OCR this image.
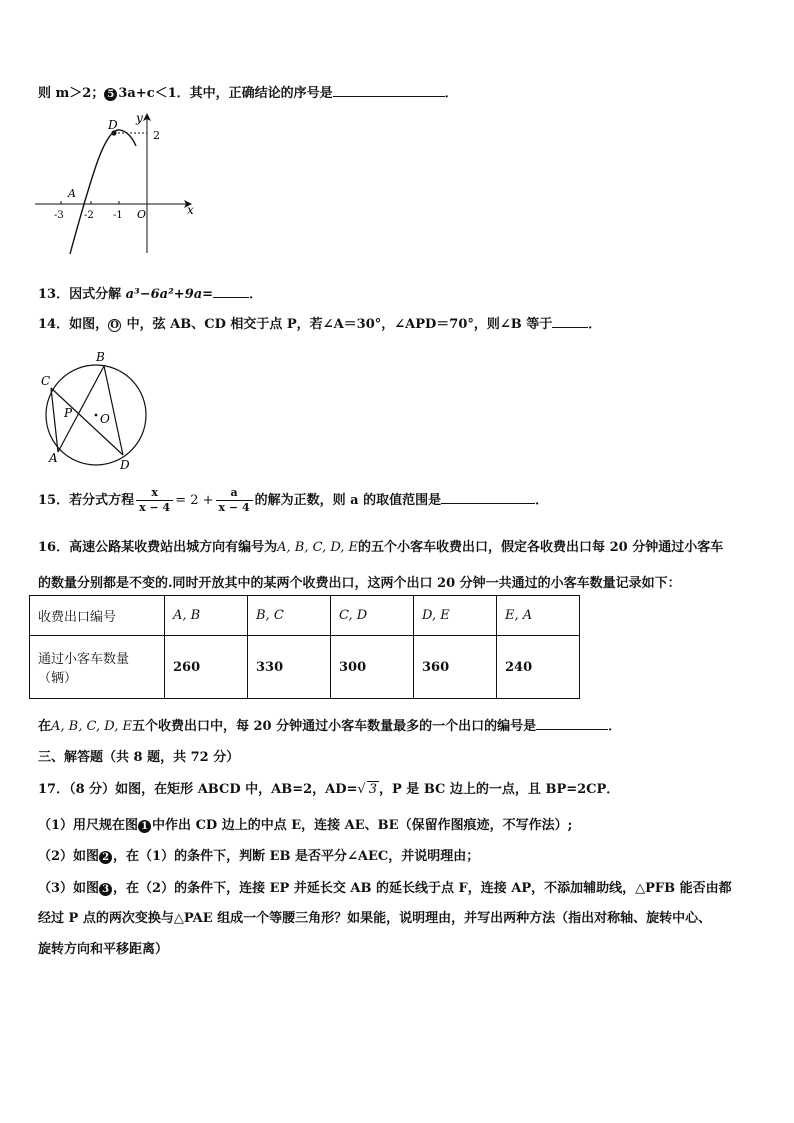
则 m＞2； 5 3a+c＜1．其中，正确结论的序号是	．
y
x
D
2
A
-3 -2 -1 O
13．因式分解 a³−6a²+9a=	．
14．如图， O 中，弦 AB、CD 相交于点 P，若∠A＝30°，∠APD＝70°，则∠B 等于	．
B
C
P O
A	D
15．若分式方程 $\frac{x}{x - 4} = 2 + \frac{a}{x - 4}$ 的解为正数，则 a 的取值范围是	．
16．高速公路某收费站出城方向有编号为A, B, C, D, E的五个小客车收费出口，假定各收费出口每 20 分钟通过小客车
的数量分别都是不变的.同时开放其中的某两个收费出口，这两个出口 20 分钟一共通过的小客车数量记录如下：
收费出口编号	A, B	B, C	C, D	D, E	E, A

通过小客车数量
（辆）	260	330	300	360	240
在A, B, C, D, E五个收费出口中，每 20 分钟通过小客车数量最多的一个出口的编号是	．
三、解答题（共 8 题，共 72 分）
17．（8 分）如图，在矩形 ABCD 中，AB=2，AD=√ 3 ，P 是 BC 边上的一点，且 BP=2CP．
（1）用尺规在图 1 中作出 CD 边上的中点 E，连接 AE、BE（保留作图痕迹，不写作法）;
（2）如图 2 ，在（1）的条件下，判断 EB 是否平分∠AEC，并说明理由；
（3）如图 3 ，在（2）的条件下，连接 EP 并延长交 AB 的延长线于点 F，连接 AP，不添加辅助线，△PFB 能否由都
经过 P 点的两次变换与△PAE 组成一个等腰三角形？如果能，说明理由，并写出两种方法（指出对称轴、旋转中心、
旋转方向和平移距离）
